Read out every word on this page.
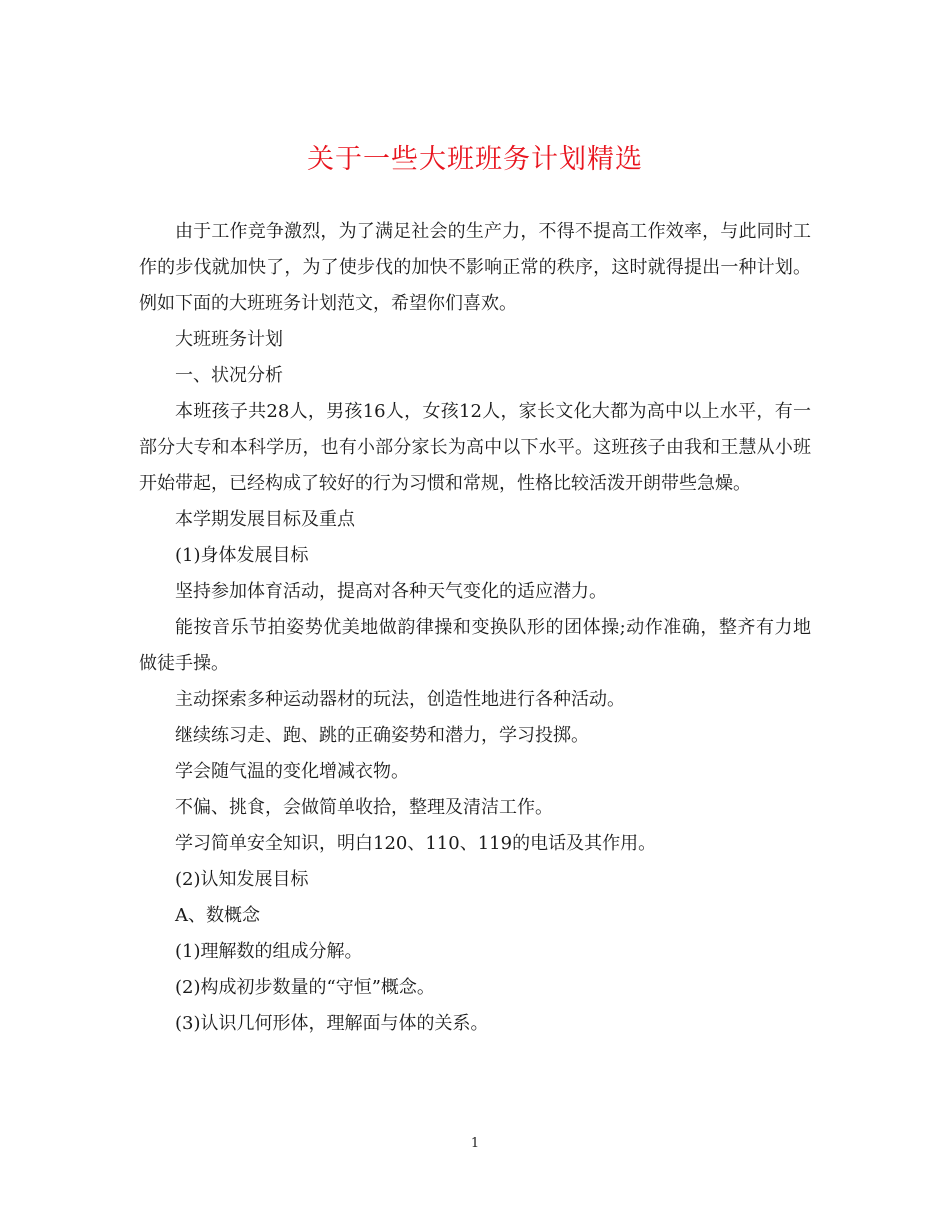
关于一些大班班务计划精选

由于工作竞争激烈，为了满足社会的生产力，不得不提高工作效率，与此同时工作的步伐就加快了，为了使步伐的加快不影响正常的秩序，这时就得提出一种计划。例如下面的大班班务计划范文，希望你们喜欢。

大班班务计划

一、状况分析

本班孩子共28人，男孩16人，女孩12人，家长文化大都为高中以上水平，有一部分大专和本科学历，也有小部分家长为高中以下水平。这班孩子由我和王慧从小班开始带起，已经构成了较好的行为习惯和常规，性格比较活泼开朗带些急燥。

本学期发展目标及重点

(1)身体发展目标

坚持参加体育活动，提高对各种天气变化的适应潜力。

能按音乐节拍姿势优美地做韵律操和变换队形的团体操;动作准确，整齐有力地做徒手操。

主动探索多种运动器材的玩法，创造性地进行各种活动。

继续练习走、跑、跳的正确姿势和潜力，学习投掷。

学会随气温的变化增减衣物。

不偏、挑食，会做简单收拾，整理及清洁工作。

学习简单安全知识，明白120、110、119的电话及其作用。

(2)认知发展目标

A、数概念

(1)理解数的组成分解。

(2)构成初步数量的“守恒”概念。

(3)认识几何形体，理解面与体的关系。

1
